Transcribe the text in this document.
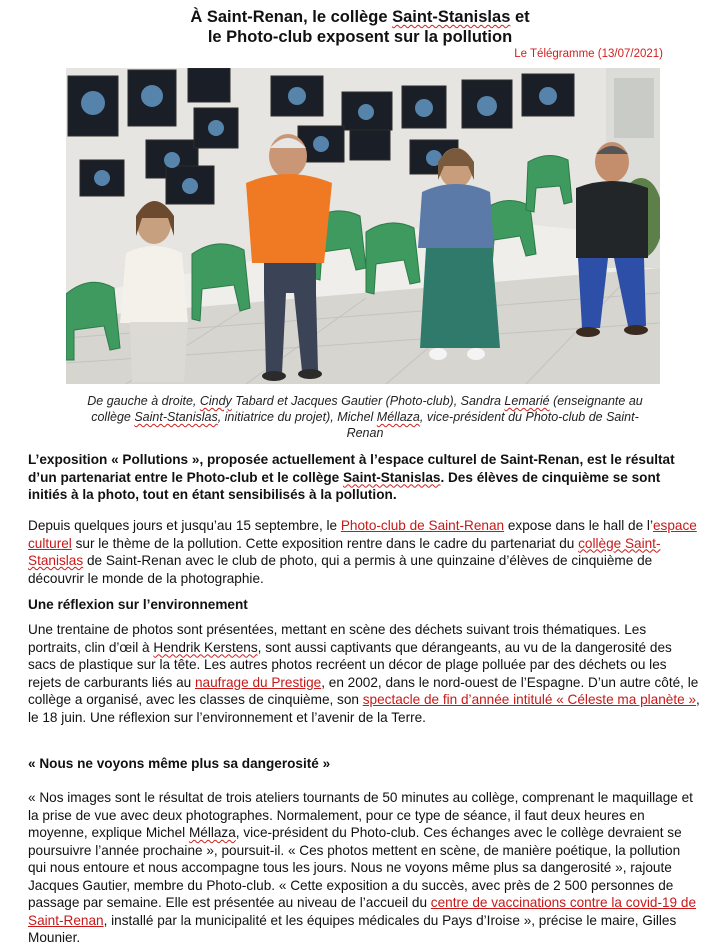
À Saint-Renan, le collège Saint-Stanislas et
le Photo-club exposent sur la pollution
Le Télégramme (13/07/2021)
De gauche à droite, Cindy Tabard et Jacques Gautier (Photo-club), Sandra Lemarié (enseignante au collège Saint-Stanislas, initiatrice du projet), Michel Méllaza, vice-président du Photo-club de Saint-Renan
L’exposition « Pollutions », proposée actuellement à l’espace culturel de Saint-Renan, est le résultat d’un partenariat entre le Photo-club et le collège Saint-Stanislas. Des élèves de cinquième se sont initiés à la photo, tout en étant sensibilisés à la pollution.
Depuis quelques jours et jusqu’au 15 septembre, le Photo-club de Saint-Renan expose dans le hall de l’espace culturel sur le thème de la pollution. Cette exposition rentre dans le cadre du partenariat du collège Saint-Stanislas de Saint-Renan avec le club de photo, qui a permis à une quinzaine d’élèves de cinquième de découvrir le monde de la photographie.
Une réflexion sur l’environnement
Une trentaine de photos sont présentées, mettant en scène des déchets suivant trois thématiques. Les portraits, clin d’œil à Hendrik Kerstens, sont aussi captivants que dérangeants, au vu de la dangerosité des sacs de plastique sur la tête. Les autres photos recréent un décor de plage polluée par des déchets ou les rejets de carburants liés au naufrage du Prestige, en 2002, dans le nord-ouest de l’Espagne. D’un autre côté, le collège a organisé, avec les classes de cinquième, son spectacle de fin d’année intitulé « Céleste ma planète », le 18 juin. Une réflexion sur l’environnement et l’avenir de la Terre.
« Nous ne voyons même plus sa dangerosité »
« Nos images sont le résultat de trois ateliers tournants de 50 minutes au collège, comprenant le maquillage et la prise de vue avec deux photographes. Normalement, pour ce type de séance, il faut deux heures en moyenne, explique Michel Méllaza, vice-président du Photo-club. Ces échanges avec le collège devraient se poursuivre l’année prochaine », poursuit-il. « Ces photos mettent en scène, de manière poétique, la pollution qui nous entoure et nous accompagne tous les jours. Nous ne voyons même plus sa dangerosité », rajoute Jacques Gautier, membre du Photo-club. « Cette exposition a du succès, avec près de 2 500 personnes de passage par semaine. Elle est présentée au niveau de l’accueil du centre de vaccinations contre la covid-19 de Saint-Renan, installé par la municipalité et les équipes médicales du Pays d’Iroise », précise le maire, Gilles Mounier.
